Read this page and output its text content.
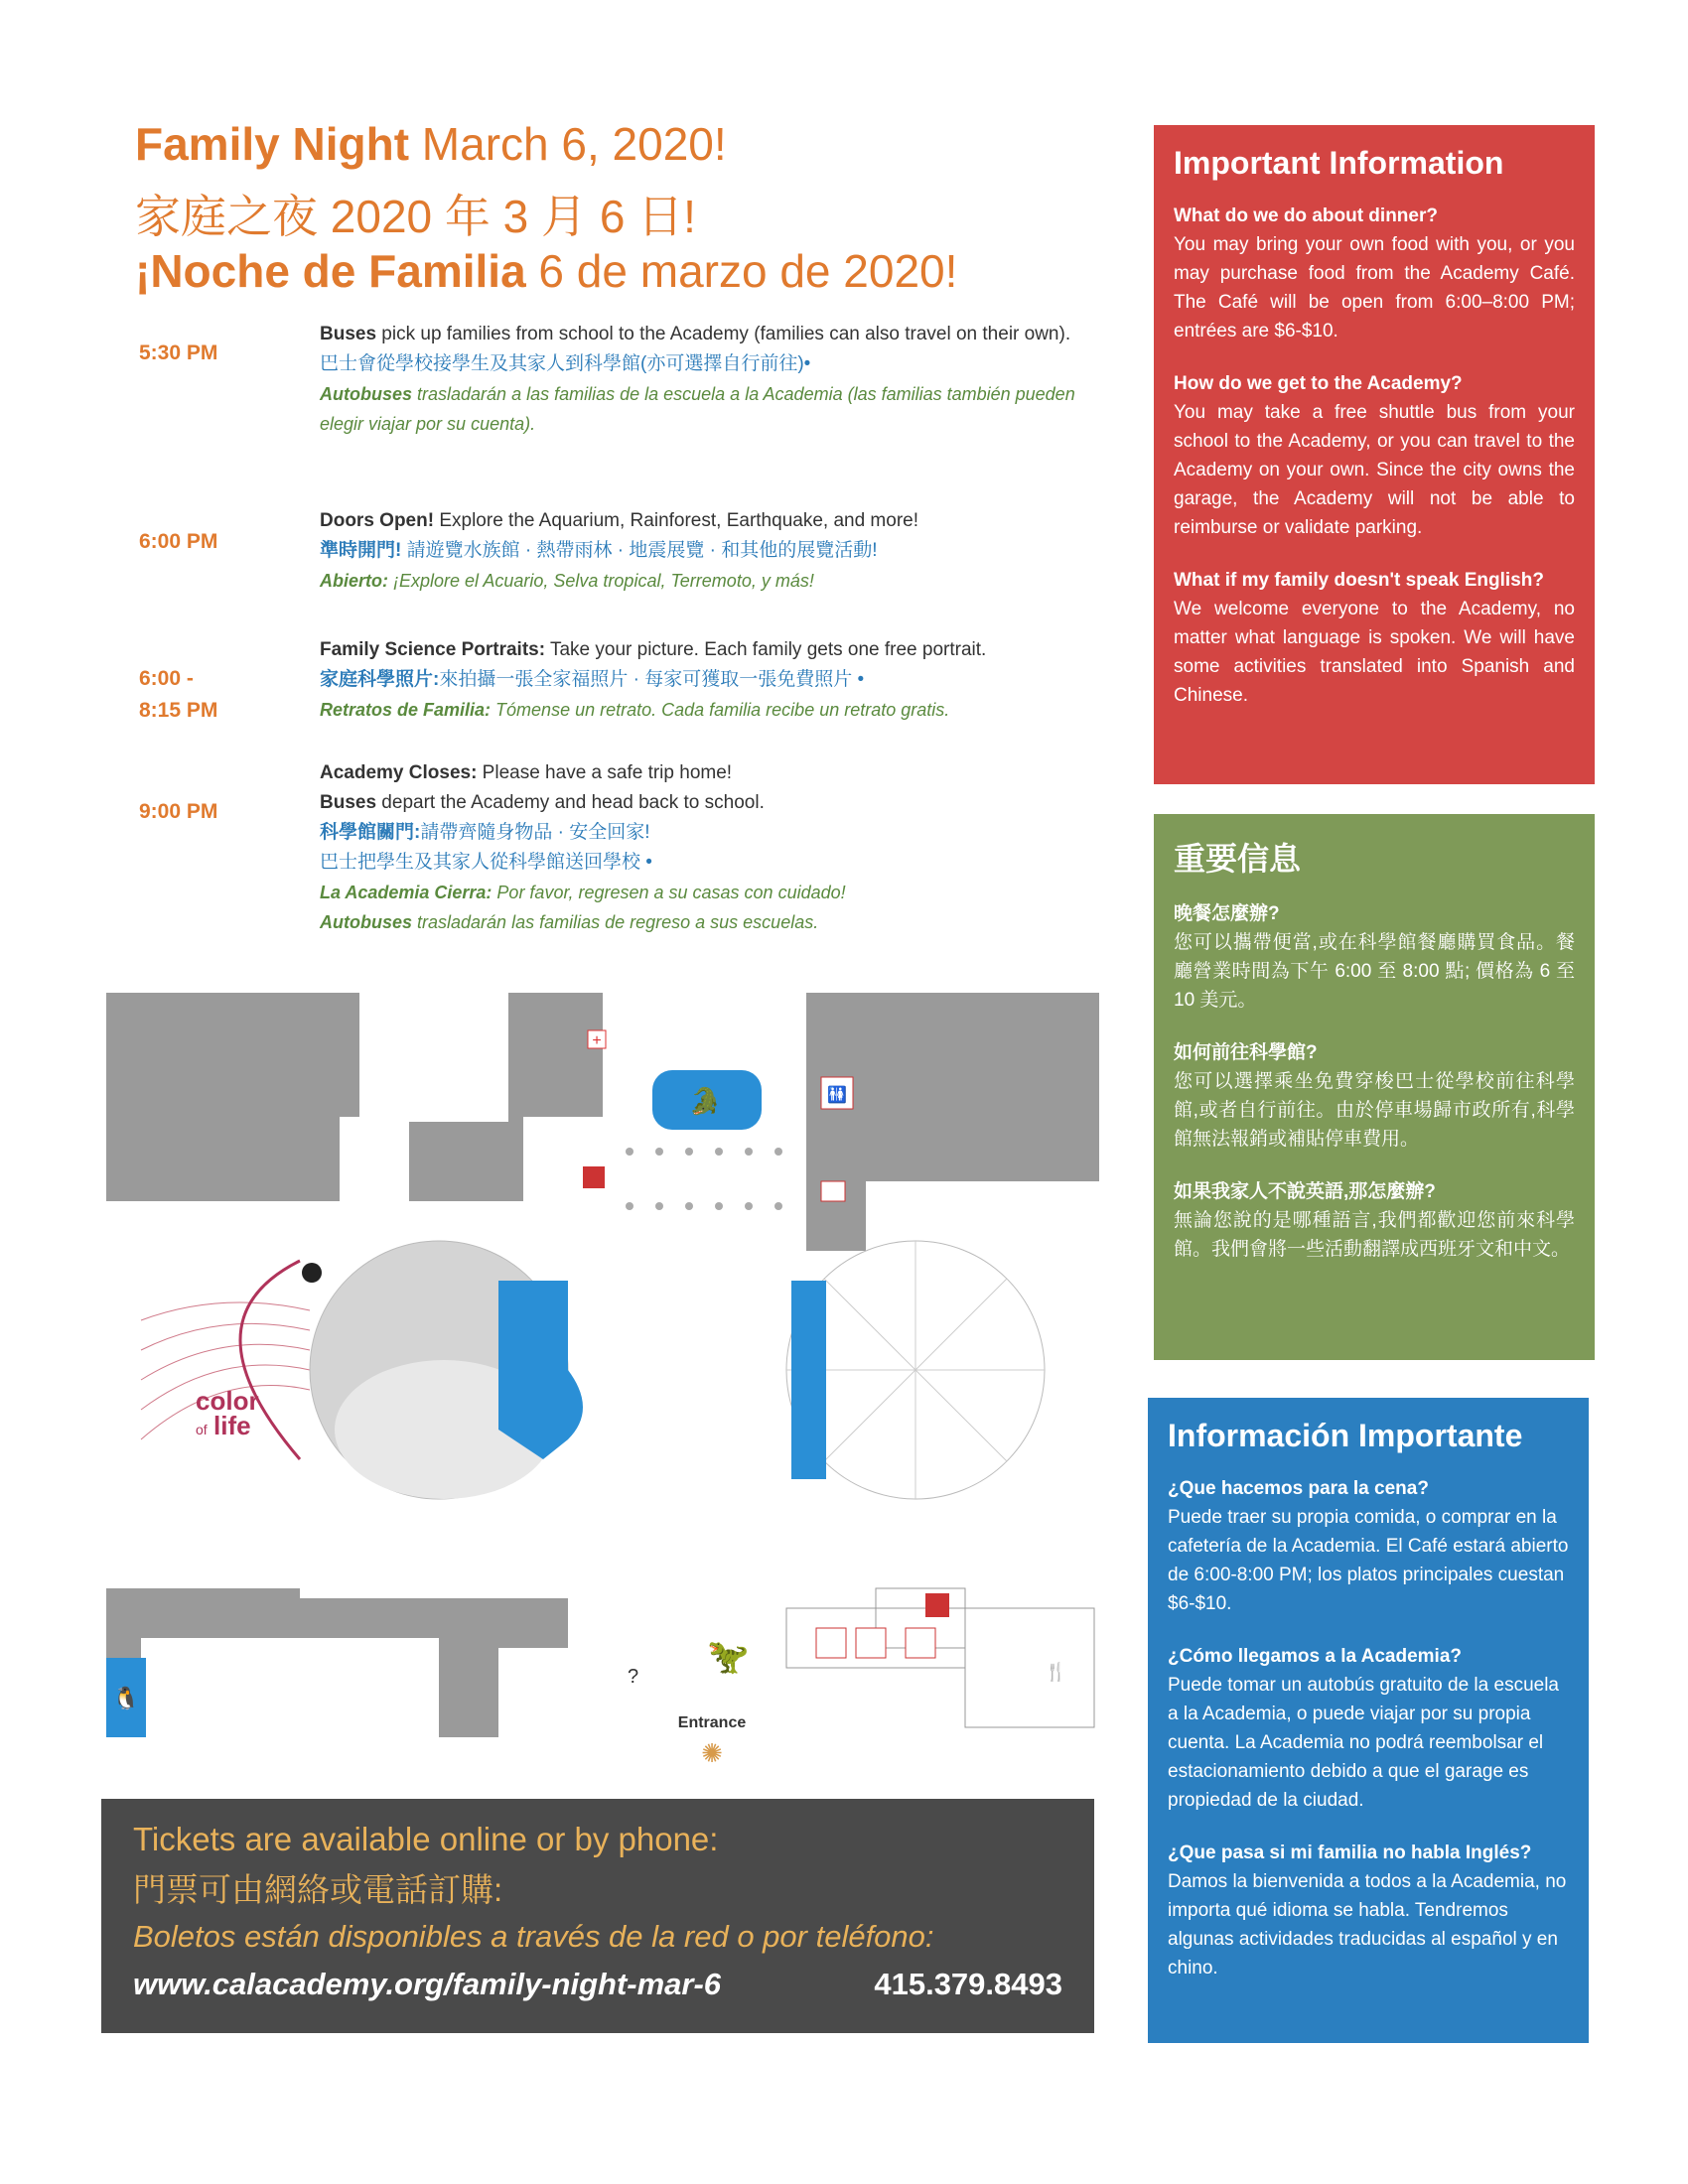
Family Night March 6, 2020!
家庭之夜 2020 年 3 月 6 日!
¡Noche de Familia 6 de marzo de 2020!
5:30 PM
Buses pick up families from school to the Academy (families can also travel on their own).
巴士會從學校接學生及其家人到科學館(亦可選擇自行前往)•
Autobuses trasladarán a las familias de la escuela a la Academia (las familias también pueden elegir viajar por su cuenta).
6:00 PM
Doors Open! Explore the Aquarium, Rainforest, Earthquake, and more!
準時開門! 請遊覽水族館 · 熱帶雨林 · 地震展覽 · 和其他的展覽活動!
Abierto: ¡Explore el Acuario, Selva tropical, Terremoto, y más!
6:00 -
8:15 PM
Family Science Portraits: Take your picture. Each family gets one free portrait.
家庭科學照片:來拍攝一張全家福照片 · 每家可獲取一張免費照片 •
Retratos de Familia: Tómense un retrato. Cada familia recibe un retrato gratis.
9:00 PM
Academy Closes: Please have a safe trip home!
Buses depart the Academy and head back to school.
科學館關門:請帶齊隨身物品 · 安全回家!
巴士把學生及其家人從科學館送回學校 •
La Academia Cierra: Por favor, regresen a su casas con cuidado!
Autobuses trasladarán las familias de regreso a sus escuelas.
🐊
+
🚻
color
of life
🐧
?
🦖	🍴
Entrance
✺
Tickets are available online or by phone:
門票可由網絡或電話訂購:
Boletos están disponibles a través de la red o por teléfono:
www.calacademy.org/family-night-mar-6	415.379.8493
Important Information
What do we do about dinner?
You may bring your own food with you, or you may purchase food from the Academy Café. The Café will be open from 6:00–8:00 PM; entrées are $6-$10.
How do we get to the Academy?
You may take a free shuttle bus from your school to the Academy, or you can travel to the Academy on your own. Since the city owns the garage, the Academy will not be able to reimburse or validate parking.
What if my family doesn't speak English?
We welcome everyone to the Academy, no matter what language is spoken. We will have some activities translated into Spanish and Chinese.
重要信息
晚餐怎麼辦?
您可以攜帶便當,或在科學館餐廳購買食品。餐廳營業時間為下午 6:00 至 8:00 點; 價格為 6 至 10 美元。
如何前往科學館?
您可以選擇乘坐免費穿梭巴士從學校前往科學館,或者自行前往。由於停車場歸市政所有,科學館無法報銷或補貼停車費用。
如果我家人不說英語,那怎麼辦?
無論您說的是哪種語言,我們都歡迎您前來科學館。我們會將一些活動翻譯成西班牙文和中文。
Información Importante
¿Que hacemos para la cena?
Puede traer su propia comida, o comprar en la cafetería de la Academia. El Café estará abierto de 6:00-8:00 PM; los platos principales cuestan $6-$10.
¿Cómo llegamos a la Academia?
Puede tomar un autobús gratuito de la escuela a la Academia, o puede viajar por su propia cuenta. La Academia no podrá reembolsar el estacionamiento debido a que el garage es propiedad de la ciudad.
¿Que pasa si mi familia no habla Inglés?
Damos la bienvenida a todos a la Academia, no importa qué idioma se habla. Tendremos algunas actividades traducidas al español y en chino.
